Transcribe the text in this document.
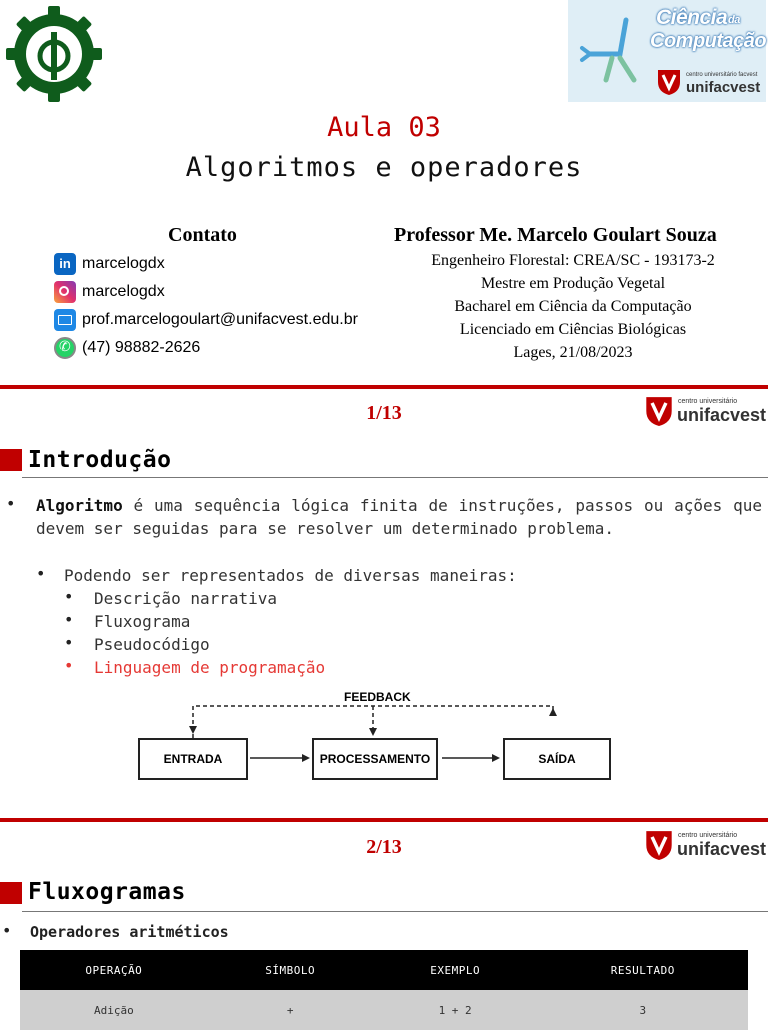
Ciência da
Computação
centro universitário facvest
unifacvest
Aula 03
Algoritmos e operadores
Contato
in marcelogdx
marcelogdx
prof.marcelogoulart@unifacvest.edu.br
✆
(47) 98882-2626
Professor Me. Marcelo Goulart Souza
Engenheiro Florestal: CREA/SC - 193173-2
Mestre em Produção Vegetal
Bacharel em Ciência da Computação
Licenciado em Ciências Biológicas
Lages, 21/08/2023
1/13
centro universitário
unifacvest
Introdução
• Algoritmo é uma sequência lógica finita de instruções, passos ou ações que devem ser seguidas para se resolver um determinado problema.
• Podendo ser representados de diversas maneiras:
• Descrição narrativa
• Fluxograma
• Pseudocódigo
• Linguagem de programação
FEEDBACK
ENTRADA	PROCESSAMENTO	SAÍDA
2/13
centro universitário
unifacvest
Fluxogramas
• Operadores aritméticos
OPERAÇÃO	SÍMBOLO	EXEMPLO	RESULTADO
Adição	+	1 + 2	3
